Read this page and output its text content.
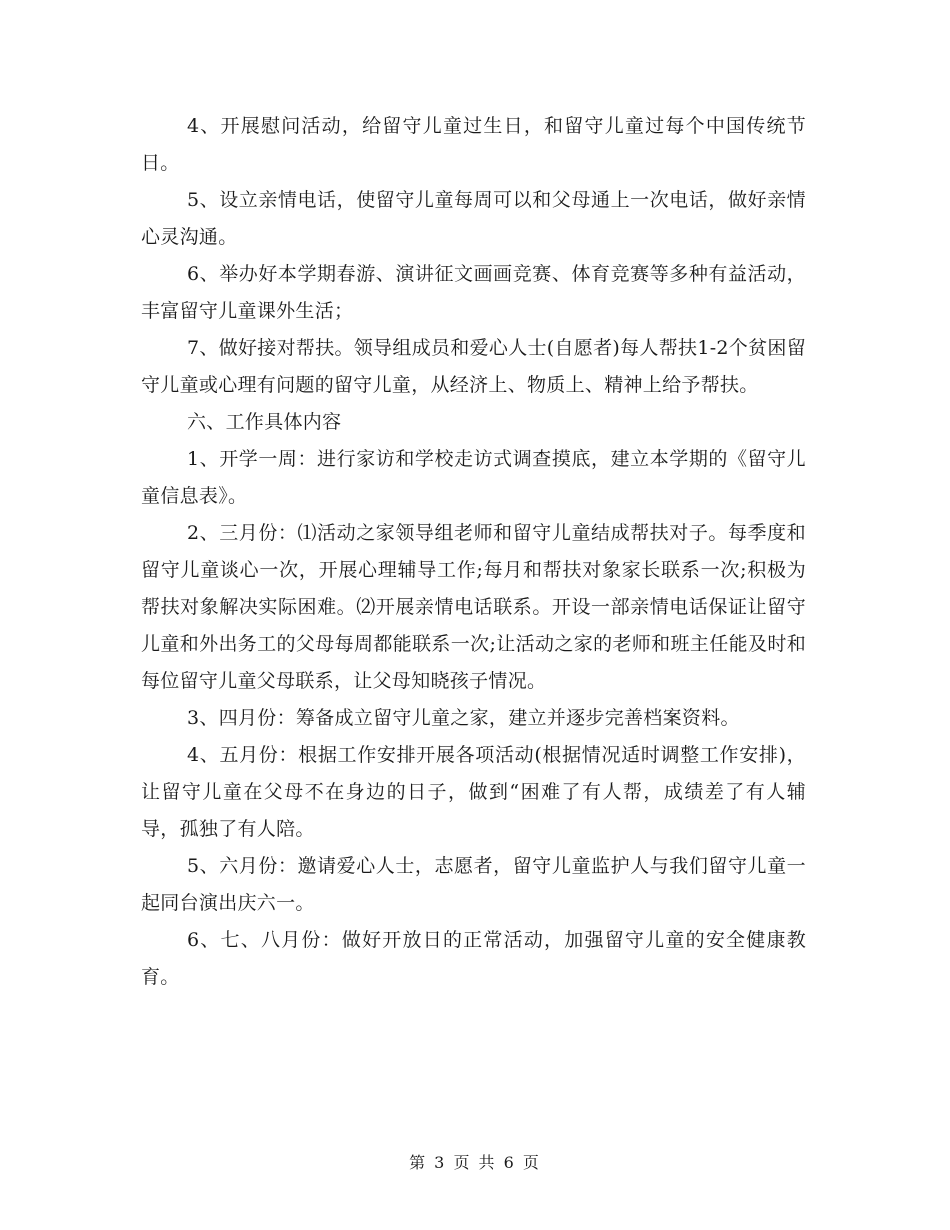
4、开展慰问活动，给留守儿童过生日，和留守儿童过每个中国传统节日。

5、设立亲情电话，使留守儿童每周可以和父母通上一次电话，做好亲情心灵沟通。

6、举办好本学期春游、演讲征文画画竞赛、体育竞赛等多种有益活动，丰富留守儿童课外生活；

7、做好接对帮扶。领导组成员和爱心人士(自愿者)每人帮扶1-2个贫困留守儿童或心理有问题的留守儿童，从经济上、物质上、精神上给予帮扶。

六、工作具体内容

1、开学一周：进行家访和学校走访式调查摸底，建立本学期的《留守儿童信息表》。

2、三月份：⑴活动之家领导组老师和留守儿童结成帮扶对子。每季度和留守儿童谈心一次，开展心理辅导工作;每月和帮扶对象家长联系一次;积极为帮扶对象解决实际困难。⑵开展亲情电话联系。开设一部亲情电话保证让留守儿童和外出务工的父母每周都能联系一次;让活动之家的老师和班主任能及时和每位留守儿童父母联系，让父母知晓孩子情况。

3、四月份：筹备成立留守儿童之家，建立并逐步完善档案资料。

4、五月份：根据工作安排开展各项活动(根据情况适时调整工作安排)，让留守儿童在父母不在身边的日子，做到“困难了有人帮，成绩差了有人辅导，孤独了有人陪。

5、六月份：邀请爱心人士，志愿者，留守儿童监护人与我们留守儿童一起同台演出庆六一。

6、七、八月份：做好开放日的正常活动，加强留守儿童的安全健康教育。

第 3 页 共 6 页
